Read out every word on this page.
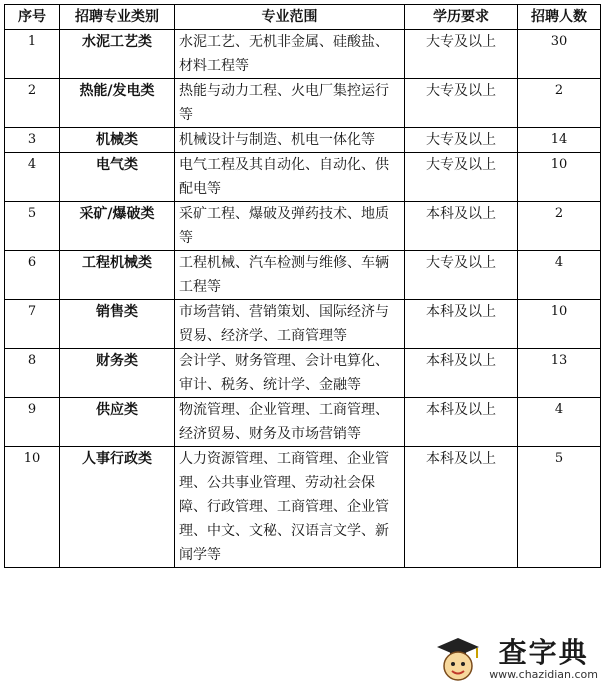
序号	招聘专业类别	专业范围	学历要求	招聘人数
1	水泥工艺类	水泥工艺、无机非金属、硅酸盐、材料工程等	大专及以上	30
2	热能/发电类	热能与动力工程、火电厂集控运行等	大专及以上	2
3	机械类	机械设计与制造、机电一体化等	大专及以上	14
4	电气类	电气工程及其自动化、自动化、供配电等	大专及以上	10
5	采矿/爆破类	采矿工程、爆破及弹药技术、地质等	本科及以上	2
6	工程机械类	工程机械、汽车检测与维修、车辆工程等	大专及以上	4
7	销售类	市场营销、营销策划、国际经济与贸易、经济学、工商管理等	本科及以上	10
8	财务类	会计学、财务管理、会计电算化、审计、税务、统计学、金融等	本科及以上	13
9	供应类	物流管理、企业管理、工商管理、经济贸易、财务及市场营销等	本科及以上	4
10	人事行政类	人力资源管理、工商管理、企业管理、公共事业管理、劳动社会保障、行政管理、工商管理、企业管理、中文、文秘、汉语言文学、新闻学等	本科及以上	5
查字典
www.chazidian.com
